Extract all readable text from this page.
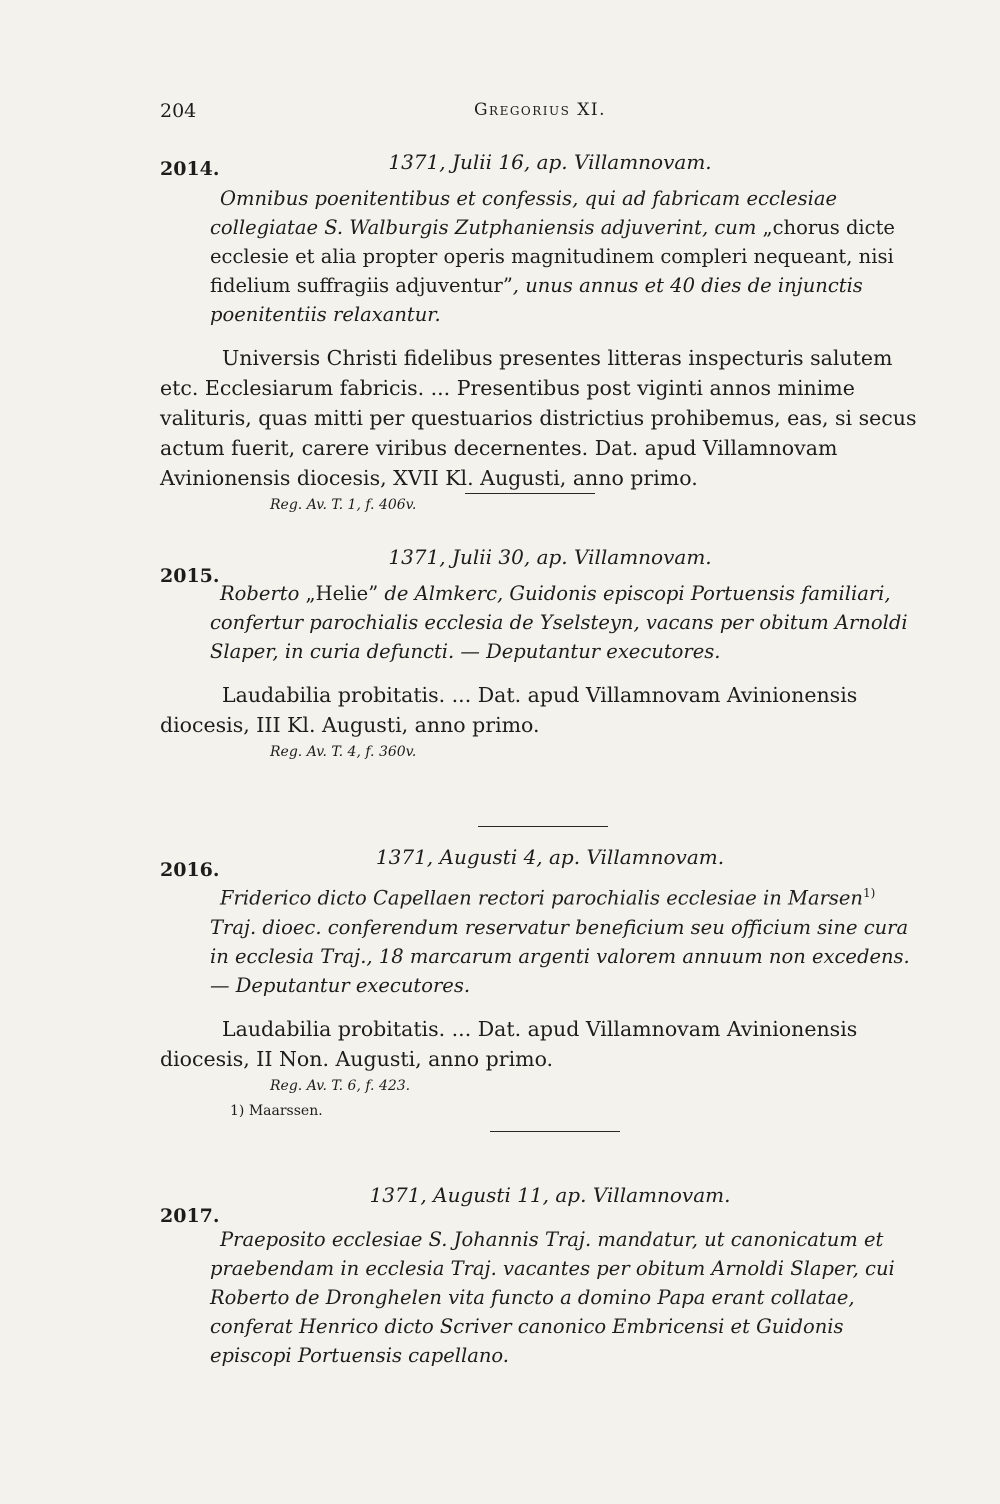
204	Gregorius XI.
2014.	1371, Julii 16, ap. Villamnovam.

Omnibus poenitentibus et confessis, qui ad fabricam ecclesiae collegiatae S. Walburgis Zutphaniensis adjuverint, cum „chorus dicte ecclesie et alia propter operis magnitudinem compleri nequeant, nisi fidelium suffragiis adjuventur”, unus annus et 40 dies de injunctis poenitentiis relaxantur.

Universis Christi fidelibus presentes litteras inspecturis salutem etc. Ecclesiarum fabricis. ... Presentibus post viginti annos minime valituris, quas mitti per questuarios districtius prohibemus, eas, si secus actum fuerit, carere viribus decernentes. Dat. apud Villamnovam Avinionensis diocesis, XVII Kl. Augusti, anno primo.

Reg. Av. T. 1, f. 406v.
2015.
1371, Julii 30, ap. Villamnovam.

Roberto „Helie” de Almkerc, Guidonis episcopi Portuensis familiari, confertur parochialis ecclesia de Yselsteyn, vacans per obitum Arnoldi Slaper, in curia defuncti. — Deputantur executores.

Laudabilia probitatis. ... Dat. apud Villamnovam Avinionensis diocesis, III Kl. Augusti, anno primo.

Reg. Av. T. 4, f. 360v.
2016.
1371, Augusti 4, ap. Villamnovam.

Friderico dicto Capellaen rectori parochialis ecclesiae in Marsen$^{1)}$ Traj. dioec. conferendum reservatur beneficium seu officium sine cura in ecclesia Traj., 18 marcarum argenti valorem annuum non excedens. — Deputantur executores.

Laudabilia probitatis. ... Dat. apud Villamnovam Avinionensis diocesis, II Non. Augusti, anno primo.

Reg. Av. T. 6, f. 423.
1) Maarssen.
2017.
1371, Augusti 11, ap. Villamnovam.

Praeposito ecclesiae S. Johannis Traj. mandatur, ut canonicatum et praebendam in ecclesia Traj. vacantes per obitum Arnoldi Slaper, cui Roberto de Dronghelen vita functo a domino Papa erant collatae, conferat Henrico dicto Scriver canonico Embricensi et Guidonis episcopi Portuensis capellano.
